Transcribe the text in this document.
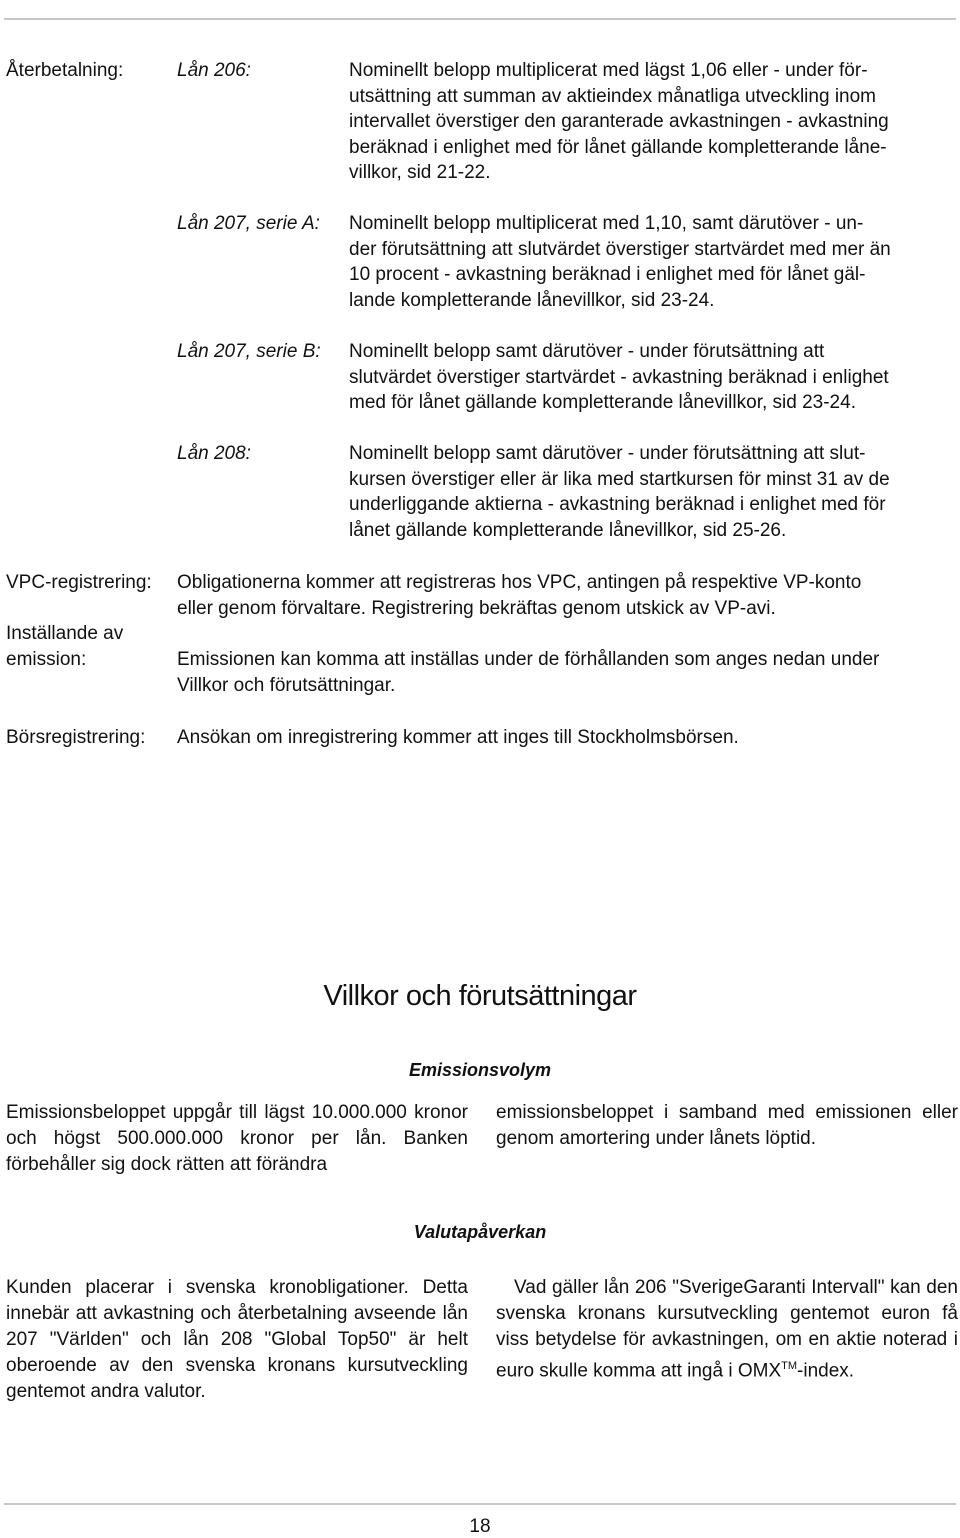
Återbetalning:	Lån 206:	Nominellt belopp multiplicerat med lägst 1,06 eller - under för-
utsättning att summan av aktieindex månatliga utveckling inom
intervallet överstiger den garanterade avkastningen - avkastning
beräknad i enlighet med för lånet gällande kompletterande låne-
villkor, sid 21-22.
Lån 207, serie A: Nominellt belopp multiplicerat med 1,10, samt därutöver - un-
der förutsättning att slutvärdet överstiger startvärdet med mer än
10 procent - avkastning beräknad i enlighet med för lånet gäl-
lande kompletterande lånevillkor, sid 23-24.
Lån 207, serie B: Nominellt belopp samt därutöver - under förutsättning att
slutvärdet överstiger startvärdet - avkastning beräknad i enlighet
med för lånet gällande kompletterande lånevillkor, sid 23-24.
Lån 208:	Nominellt belopp samt därutöver - under förutsättning att slut-
kursen överstiger eller är lika med startkursen för minst 31 av de
underliggande aktierna - avkastning beräknad i enlighet med för
lånet gällande kompletterande lånevillkor, sid 25-26.
VPC-registrering: Obligationerna kommer att registreras hos VPC, antingen på respektive VP-konto
eller genom förvaltare. Registrering bekräftas genom utskick av VP-avi.
Inställande av
emission:	Emissionen kan komma att inställas under de förhållanden som anges nedan under
Villkor och förutsättningar.
Börsregistrering: Ansökan om inregistrering kommer att inges till Stockholmsbörsen.
Villkor och förutsättningar
Emissionsvolym
Emissionsbeloppet uppgår till lägst 10.000.000 kronor och högst 500.000.000 kronor per lån. Banken förbehåller sig dock rätten att förändra
emissionsbeloppet i samband med emissionen eller genom amortering under lånets löptid.
Valutapåverkan
Kunden placerar i svenska kronobligationer. Detta innebär att avkastning och återbetalning avseende lån 207 "Världen" och lån 208 "Global Top50" är helt oberoende av den svenska kronans kursutveckling gentemot andra valutor.
Vad gäller lån 206 "SverigeGaranti Intervall" kan den svenska kronans kursutveckling gentemot euron få viss betydelse för avkastningen, om en aktie noterad i euro skulle komma att ingå i OMX™-index.
18
